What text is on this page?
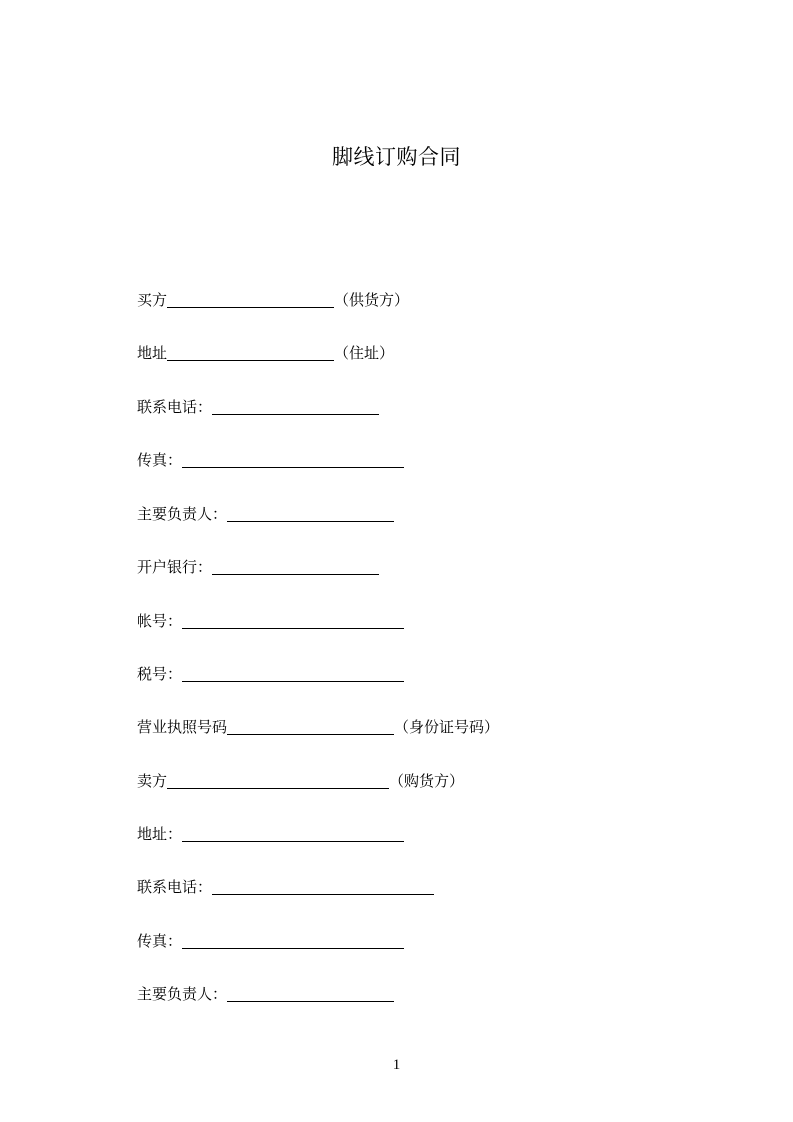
脚线订购合同
买方	（供货方）
地址	（住址）
联系电话：
传真：
主要负责人：
开户银行：
帐号：
税号：
营业执照号码	（身份证号码）
卖方	（购货方）
地址：
联系电话：
传真：
主要负责人：
1
